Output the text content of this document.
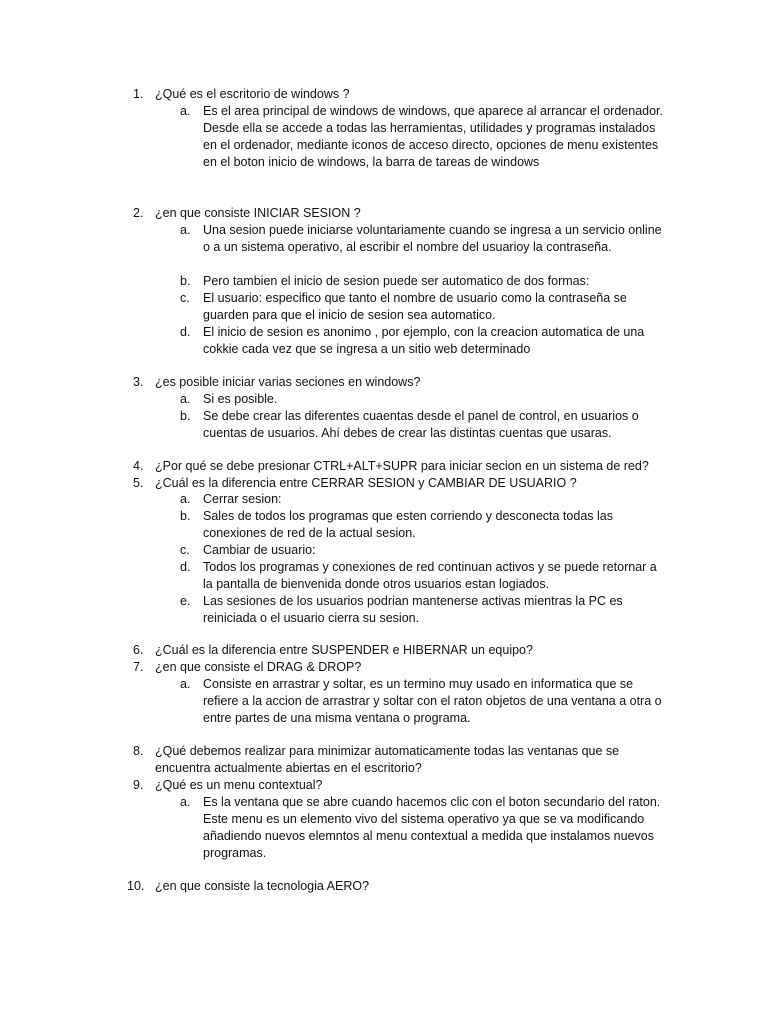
1. ¿Qué es el escritorio de windows ?
a. Es el area principal de windows de windows, que aparece al arrancar el ordenador. Desde ella se accede a todas las herramientas, utilidades y programas instalados en el ordenador, mediante iconos de acceso directo, opciones de menu existentes en el boton inicio de windows, la barra de tareas de windows
2. ¿en que consiste INICIAR SESION ?
a. Una sesion puede iniciarse voluntariamente cuando se ingresa a un servicio online o a un sistema operativo, al escribir el nombre del usuarioy la contraseña.
b. Pero tambien el inicio de sesion puede ser automatico de dos formas:
c. El usuario: especifico que tanto el nombre de usuario como la contraseña se guarden para que el inicio de sesion sea automatico.
d. El inicio de sesion es anonimo , por ejemplo, con la creacion automatica de una cokkie cada vez que se ingresa a un sitio web determinado
3. ¿es posible iniciar varias seciones en windows?
a. Si es posible.
b. Se debe crear las diferentes cuaentas desde el panel de control, en usuarios o cuentas de usuarios. Ahí debes de crear las distintas cuentas que usaras.
4. ¿Por qué se debe presionar CTRL+ALT+SUPR para iniciar secion en un sistema de red?
5. ¿Cuál es la diferencia entre CERRAR SESION y CAMBIAR DE USUARIO ?
a. Cerrar sesion:
b. Sales de todos los programas que esten corriendo y desconecta todas las conexiones de red de la actual sesion.
c. Cambiar de usuario:
d. Todos los programas y conexiones de red continuan activos y se puede retornar a la pantalla de bienvenida donde otros usuarios estan logiados.
e. Las sesiones de los usuarios podrian mantenerse activas mientras la PC es reiniciada o el usuario cierra su sesion.
6. ¿Cuál es la diferencia entre SUSPENDER e HIBERNAR un equipo?
7. ¿en que consiste el DRAG & DROP?
a. Consiste en arrastrar y soltar, es un termino muy usado en informatica que se refiere a la accion de arrastrar y soltar con el raton objetos de una ventana a otra o entre partes de una misma ventana o programa.
8. ¿Qué debemos realizar para minimizar automaticamente todas las ventanas que se encuentra actualmente abiertas en el escritorio?
9. ¿Qué es un menu contextual?
a. Es la ventana que se abre cuando hacemos clic con el boton secundario del raton. Este menu es un elemento vivo del sistema operativo ya que se va modificando añadiendo nuevos elemntos al menu contextual a medida que instalamos nuevos programas.
10. ¿en que consiste la tecnologia AERO?
